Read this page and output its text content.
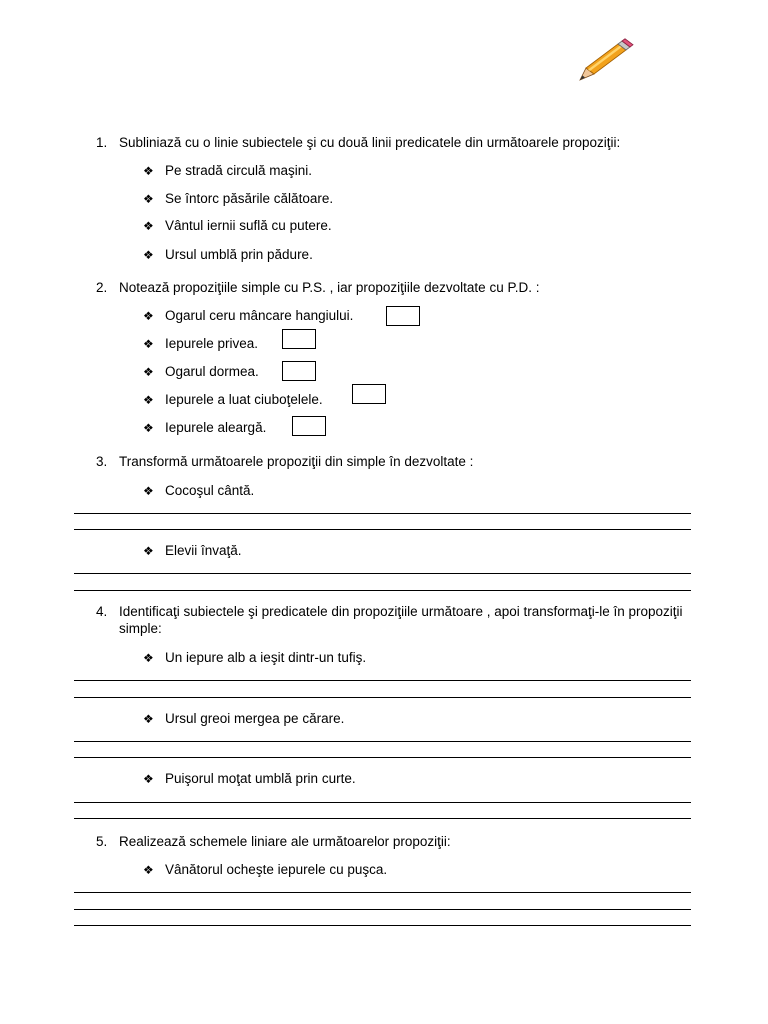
1. Subliniază cu o linie subiectele şi cu două linii predicatele din următoarele propoziţii:
❖ Pe stradă circulă maşini.
❖ Se întorc păsările călătoare.
❖ Vântul iernii suflă cu putere.
❖ Ursul umblă prin pădure.
2. Notează propoziţiile simple cu P.S. , iar propoziţiile dezvoltate cu P.D. :
❖ Ogarul ceru mâncare hangiului.
❖ Iepurele privea.
❖ Ogarul dormea.
❖ Iepurele a luat ciuboţelele.
❖ Iepurele aleargă.
3. Transformă următoarele propoziţii din simple în dezvoltate :
❖ Cocoşul cântă.
❖ Elevii învaţă.
4. Identificaţi subiectele şi predicatele din propoziţiile următoare , apoi transformaţi-le în propoziţii simple:
❖ Un iepure alb a ieşit dintr-un tufiş.
❖ Ursul greoi mergea pe cărare.
❖ Puişorul moţat umblă prin curte.
5. Realizează schemele liniare ale următoarelor propoziţii:
❖ Vânătorul ocheşte iepurele cu puşca.
